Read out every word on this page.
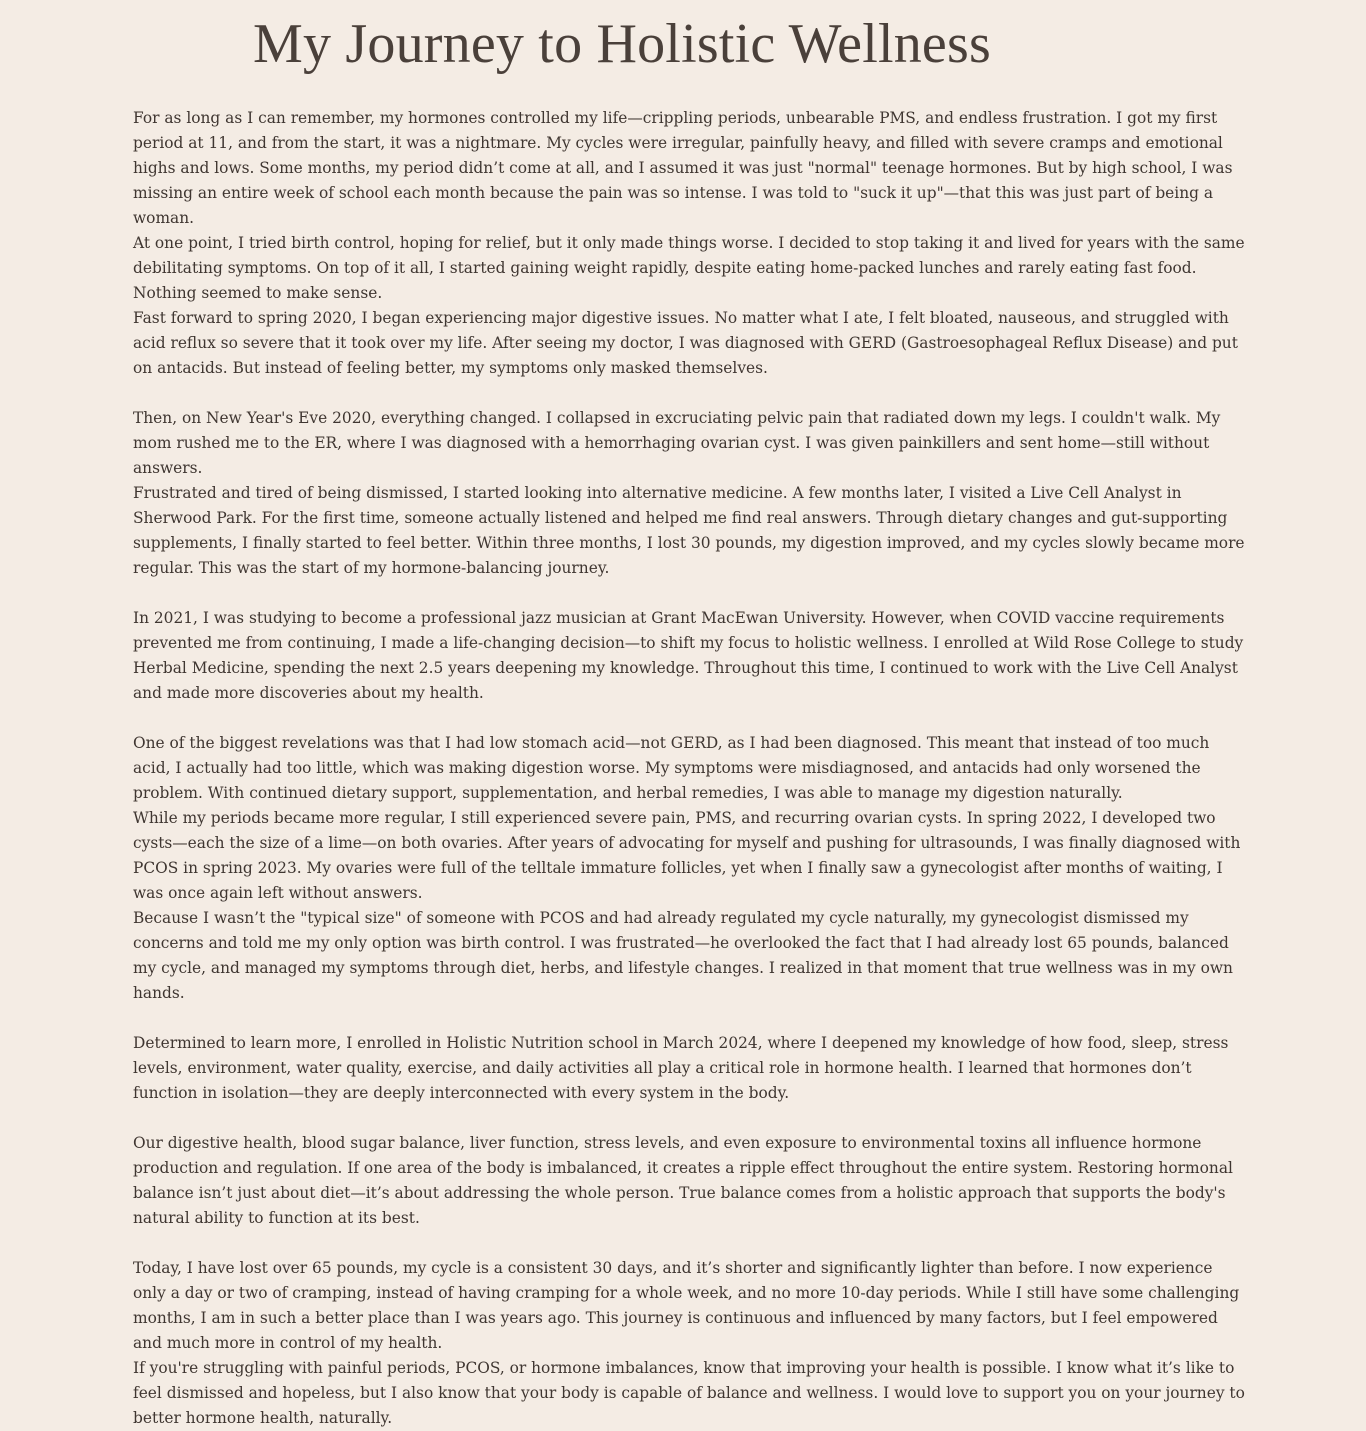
My Journey to Holistic Wellness

For as long as I can remember, my hormones controlled my life—crippling periods, unbearable PMS, and endless frustration. I got my first period at 11, and from the start, it was a nightmare. My cycles were irregular, painfully heavy, and filled with severe cramps and emotional highs and lows. Some months, my period didn’t come at all, and I assumed it was just "normal" teenage hormones. But by high school, I was missing an entire week of school each month because the pain was so intense. I was told to "suck it up"—that this was just part of being a woman.

At one point, I tried birth control, hoping for relief, but it only made things worse. I decided to stop taking it and lived for years with the same debilitating symptoms. On top of it all, I started gaining weight rapidly, despite eating home-packed lunches and rarely eating fast food. Nothing seemed to make sense.

Fast forward to spring 2020, I began experiencing major digestive issues. No matter what I ate, I felt bloated, nauseous, and struggled with acid reflux so severe that it took over my life. After seeing my doctor, I was diagnosed with GERD (Gastroesophageal Reflux Disease) and put on antacids. But instead of feeling better, my symptoms only masked themselves.

Then, on New Year's Eve 2020, everything changed. I collapsed in excruciating pelvic pain that radiated down my legs. I couldn't walk. My mom rushed me to the ER, where I was diagnosed with a hemorrhaging ovarian cyst. I was given painkillers and sent home—still without answers.

Frustrated and tired of being dismissed, I started looking into alternative medicine. A few months later, I visited a Live Cell Analyst in Sherwood Park. For the first time, someone actually listened and helped me find real answers. Through dietary changes and gut-supporting supplements, I finally started to feel better. Within three months, I lost 30 pounds, my digestion improved, and my cycles slowly became more regular. This was the start of my hormone-balancing journey.

In 2021, I was studying to become a professional jazz musician at Grant MacEwan University. However, when COVID vaccine requirements prevented me from continuing, I made a life-changing decision—to shift my focus to holistic wellness. I enrolled at Wild Rose College to study Herbal Medicine, spending the next 2.5 years deepening my knowledge. Throughout this time, I continued to work with the Live Cell Analyst and made more discoveries about my health.

One of the biggest revelations was that I had low stomach acid—not GERD, as I had been diagnosed. This meant that instead of too much acid, I actually had too little, which was making digestion worse. My symptoms were misdiagnosed, and antacids had only worsened the problem. With continued dietary support, supplementation, and herbal remedies, I was able to manage my digestion naturally.

While my periods became more regular, I still experienced severe pain, PMS, and recurring ovarian cysts. In spring 2022, I developed two cysts—each the size of a lime—on both ovaries. After years of advocating for myself and pushing for ultrasounds, I was finally diagnosed with PCOS in spring 2023. My ovaries were full of the telltale immature follicles, yet when I finally saw a gynecologist after months of waiting, I was once again left without answers.

Because I wasn’t the "typical size" of someone with PCOS and had already regulated my cycle naturally, my gynecologist dismissed my concerns and told me my only option was birth control. I was frustrated—he overlooked the fact that I had already lost 65 pounds, balanced my cycle, and managed my symptoms through diet, herbs, and lifestyle changes. I realized in that moment that true wellness was in my own hands.

Determined to learn more, I enrolled in Holistic Nutrition school in March 2024, where I deepened my knowledge of how food, sleep, stress levels, environment, water quality, exercise, and daily activities all play a critical role in hormone health. I learned that hormones don’t function in isolation—they are deeply interconnected with every system in the body.

Our digestive health, blood sugar balance, liver function, stress levels, and even exposure to environmental toxins all influence hormone production and regulation. If one area of the body is imbalanced, it creates a ripple effect throughout the entire system. Restoring hormonal balance isn’t just about diet—it’s about addressing the whole person. True balance comes from a holistic approach that supports the body's natural ability to function at its best.

Today, I have lost over 65 pounds, my cycle is a consistent 30 days, and it’s shorter and significantly lighter than before. I now experience only a day or two of cramping, instead of having cramping for a whole week, and no more 10-day periods. While I still have some challenging months, I am in such a better place than I was years ago. This journey is continuous and influenced by many factors, but I feel empowered and much more in control of my health.

If you're struggling with painful periods, PCOS, or hormone imbalances, know that improving your health is possible. I know what it’s like to feel dismissed and hopeless, but I also know that your body is capable of balance and wellness. I would love to support you on your journey to better hormone health, naturally.
